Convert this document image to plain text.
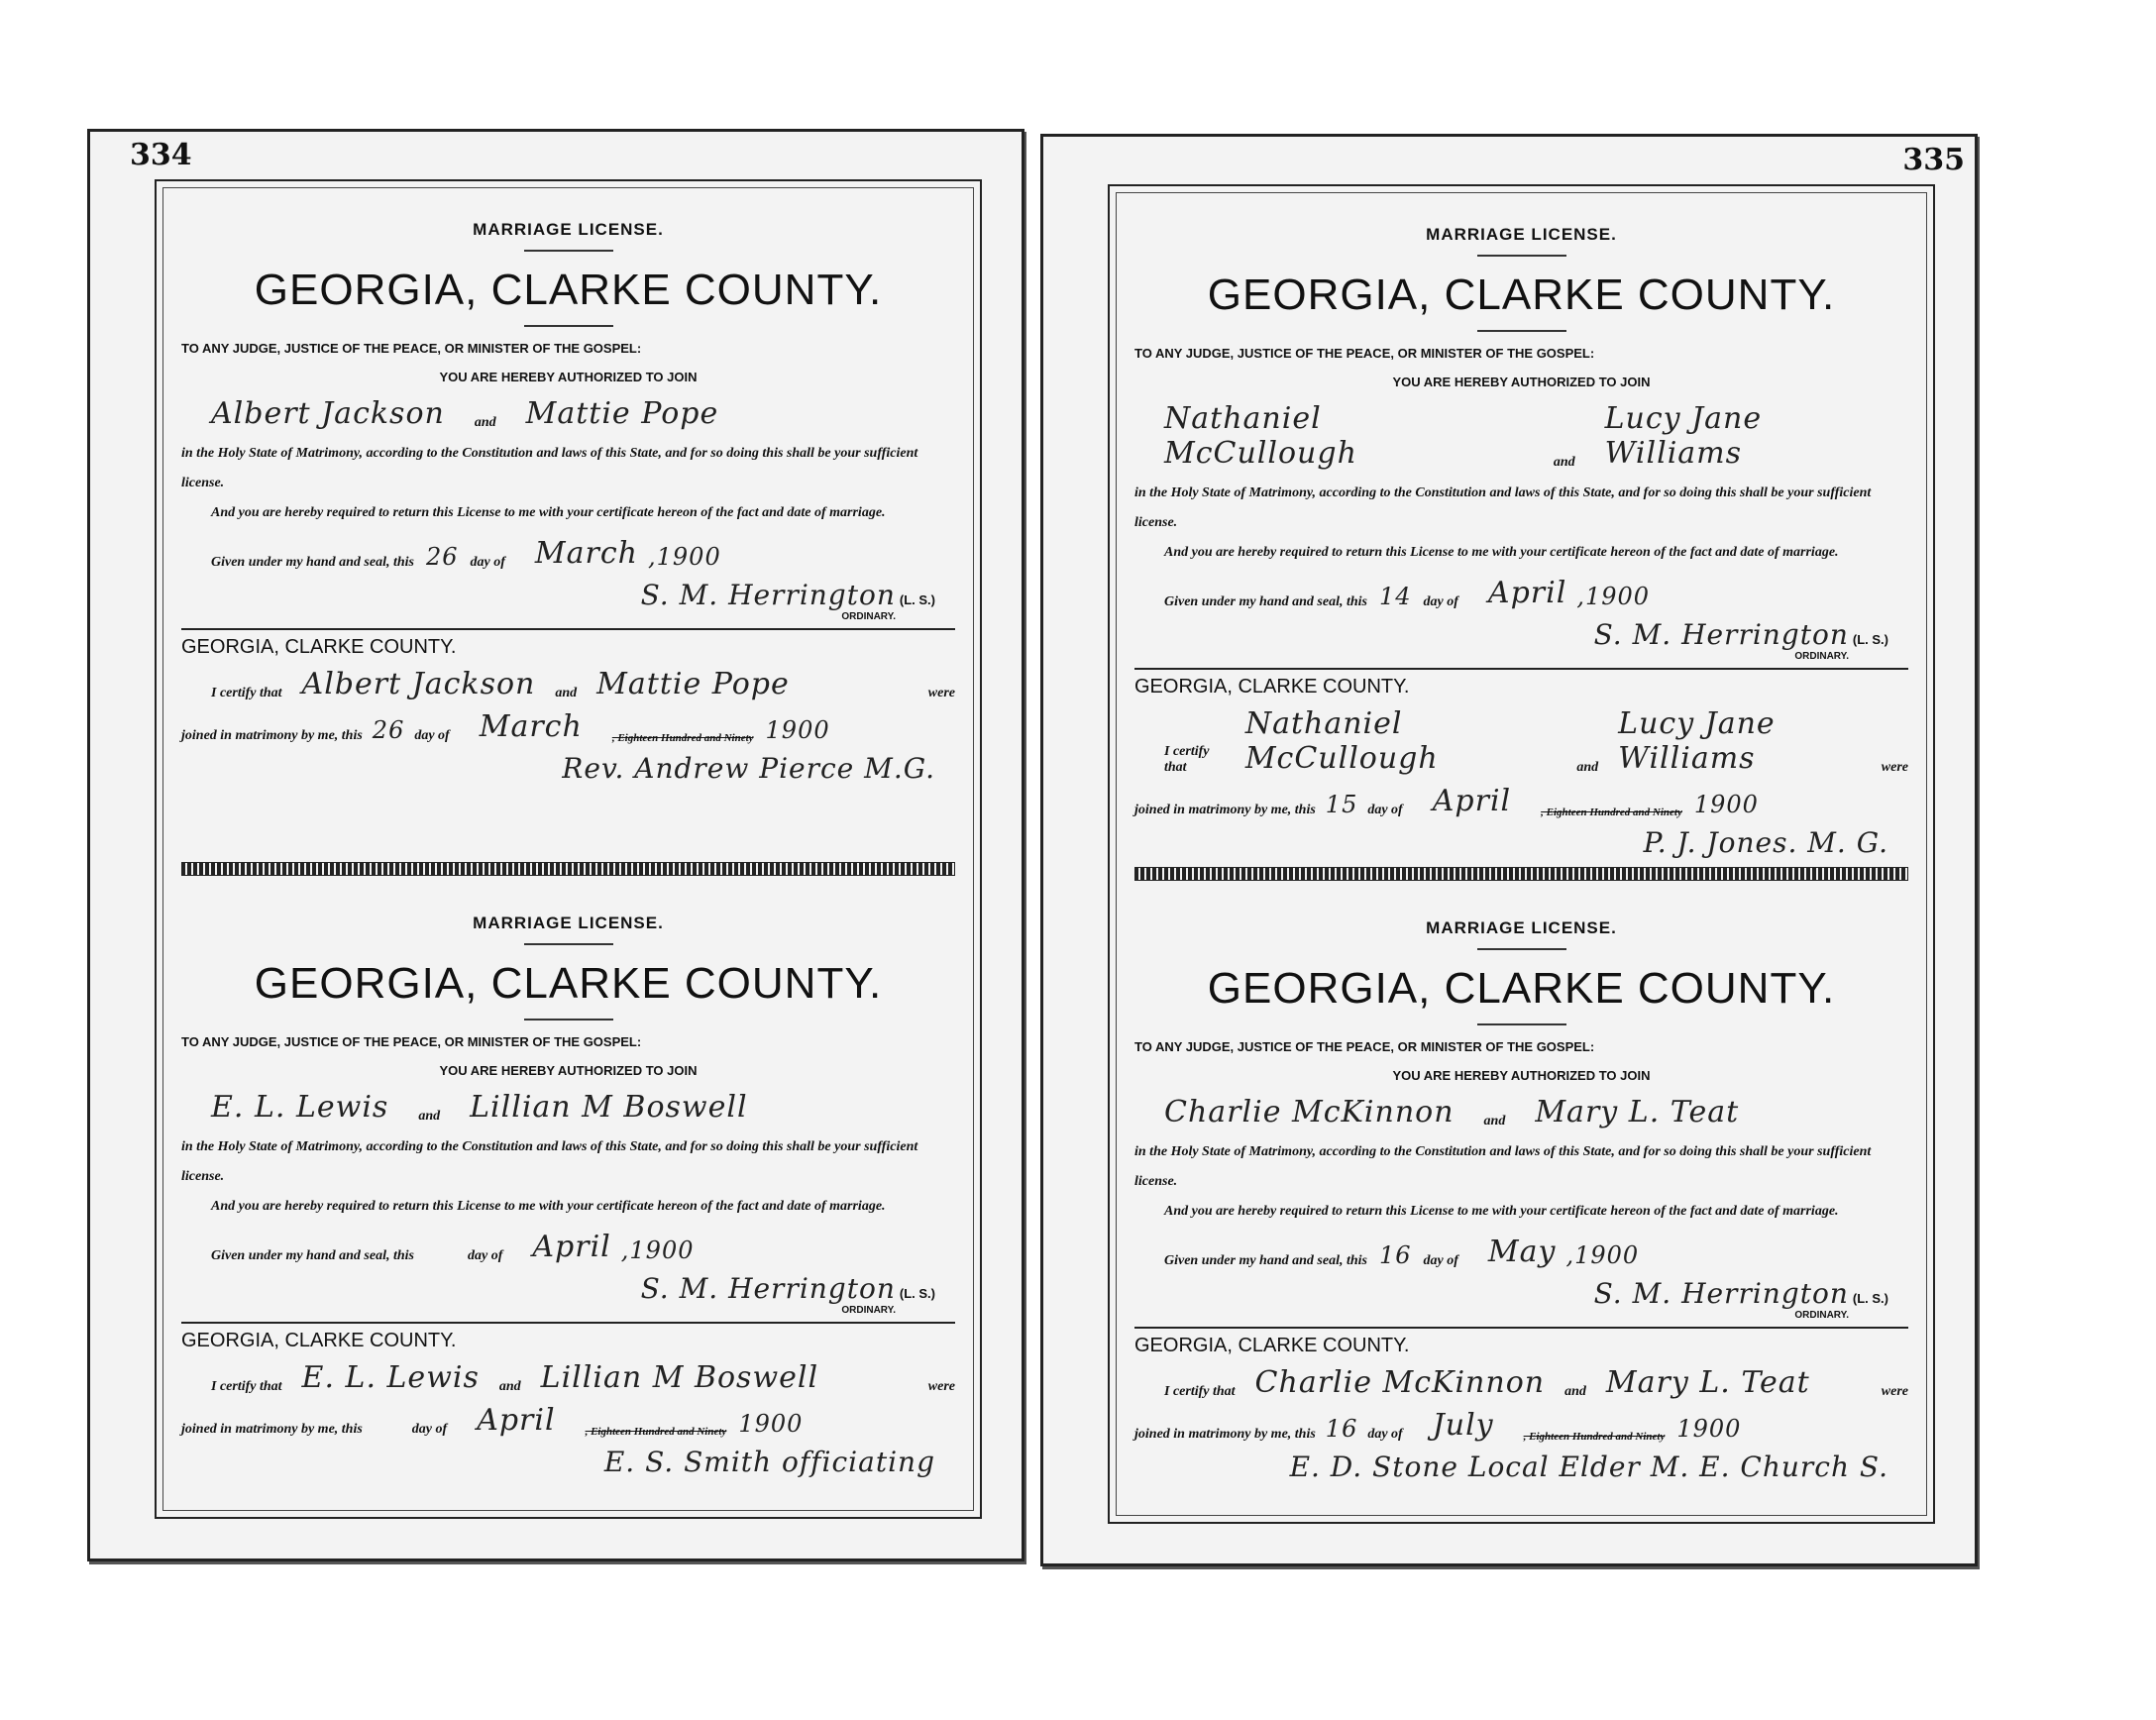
334
MARRIAGE LICENSE.
GEORGIA, CLARKE COUNTY.
TO ANY JUDGE, JUSTICE OF THE PEACE, OR MINISTER OF THE GOSPEL:
YOU ARE HEREBY AUTHORIZED TO JOIN
Albert Jackson and Mattie Pope
in the Holy State of Matrimony, according to the Constitution and laws of this State, and for so doing this shall be your sufficient license.
And you are hereby required to return this License to me with your certificate hereon of the fact and date of marriage.
Given under my hand and seal, this 26 day of March ,1900
S. M. Herrington (L. S.)
ORDINARY.
GEORGIA, CLARKE COUNTY.
I certify that Albert Jackson and Mattie Pope	were
joined in matrimony by me, this 26 day of March	, Eighteen Hundred and Ninety 1900
Rev. Andrew Pierce M.G.
MARRIAGE LICENSE.
GEORGIA, CLARKE COUNTY.
TO ANY JUDGE, JUSTICE OF THE PEACE, OR MINISTER OF THE GOSPEL:
YOU ARE HEREBY AUTHORIZED TO JOIN
E. L. Lewis and Lillian M Boswell
in the Holy State of Matrimony, according to the Constitution and laws of this State, and for so doing this shall be your sufficient license.
And you are hereby required to return this License to me with your certificate hereon of the fact and date of marriage.
Given under my hand and seal, this	day of April ,1900
S. M. Herrington (L. S.)
ORDINARY.
GEORGIA, CLARKE COUNTY.
I certify that E. L. Lewis and Lillian M Boswell	were
joined in matrimony by me, this	day of April	, Eighteen Hundred and Ninety 1900
E. S. Smith officiating
335
MARRIAGE LICENSE.
GEORGIA, CLARKE COUNTY.
TO ANY JUDGE, JUSTICE OF THE PEACE, OR MINISTER OF THE GOSPEL:
YOU ARE HEREBY AUTHORIZED TO JOIN
Nathaniel McCullough	and
Lucy Jane Williams
in the Holy State of Matrimony, according to the Constitution and laws of this State, and for so doing this shall be your sufficient license.
And you are hereby required to return this License to me with your certificate hereon of the fact and date of marriage.
Given under my hand and seal, this 14 day of April ,1900
S. M. Herrington (L. S.)
ORDINARY.
GEORGIA, CLARKE COUNTY.
I certify that
Nathaniel McCullough	and
Lucy Jane Williams	were
joined in matrimony by me, this 15 day of April	, Eighteen Hundred and Ninety 1900
P. J. Jones. M. G.
MARRIAGE LICENSE.
GEORGIA, CLARKE COUNTY.
TO ANY JUDGE, JUSTICE OF THE PEACE, OR MINISTER OF THE GOSPEL:
YOU ARE HEREBY AUTHORIZED TO JOIN
Charlie McKinnon and Mary L. Teat
in the Holy State of Matrimony, according to the Constitution and laws of this State, and for so doing this shall be your sufficient license.
And you are hereby required to return this License to me with your certificate hereon of the fact and date of marriage.
Given under my hand and seal, this 16 day of May ,1900
S. M. Herrington (L. S.)
ORDINARY.
GEORGIA, CLARKE COUNTY.
I certify that Charlie McKinnon and Mary L. Teat	were
joined in matrimony by me, this 16 day of July	, Eighteen Hundred and Ninety 1900
E. D. Stone Local Elder M. E. Church S.
